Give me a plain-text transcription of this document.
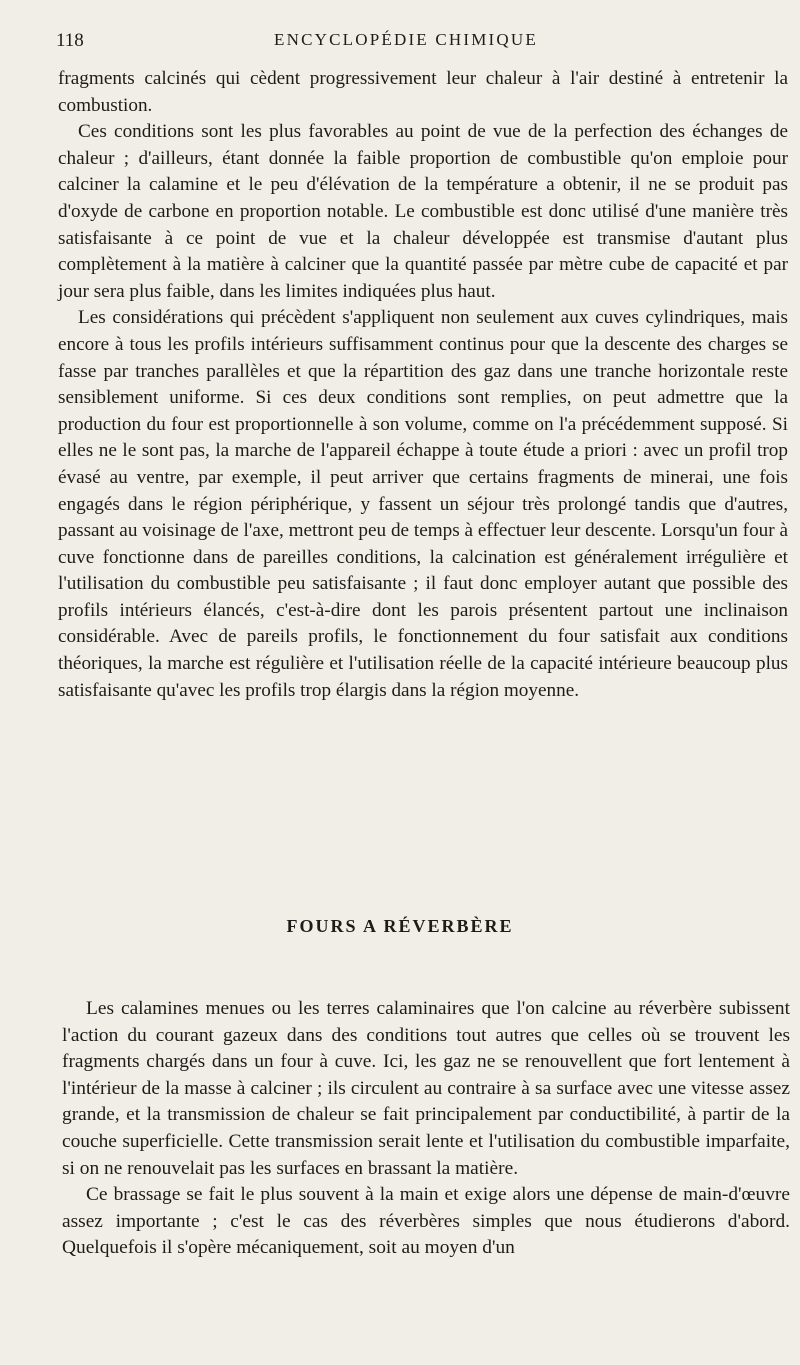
118	ENCYCLOPÉDIE CHIMIQUE

fragments calcinés qui cèdent progressivement leur chaleur à l'air destiné à entretenir la combustion.

Ces conditions sont les plus favorables au point de vue de la perfection des échanges de chaleur ; d'ailleurs, étant donnée la faible proportion de combustible qu'on emploie pour calciner la calamine et le peu d'élévation de la température a obtenir, il ne se produit pas d'oxyde de carbone en proportion notable. Le combustible est donc utilisé d'une manière très satisfaisante à ce point de vue et la chaleur développée est transmise d'autant plus complètement à la matière à calciner que la quantité passée par mètre cube de capacité et par jour sera plus faible, dans les limites indiquées plus haut.

Les considérations qui précèdent s'appliquent non seulement aux cuves cylindriques, mais encore à tous les profils intérieurs suffisamment continus pour que la descente des charges se fasse par tranches parallèles et que la répartition des gaz dans une tranche horizontale reste sensiblement uniforme. Si ces deux conditions sont remplies, on peut admettre que la production du four est proportionnelle à son volume, comme on l'a précédemment supposé. Si elles ne le sont pas, la marche de l'appareil échappe à toute étude a priori : avec un profil trop évasé au ventre, par exemple, il peut arriver que certains fragments de minerai, une fois engagés dans le région périphérique, y fassent un séjour très prolongé tandis que d'autres, passant au voisinage de l'axe, mettront peu de temps à effectuer leur descente. Lorsqu'un four à cuve fonctionne dans de pareilles conditions, la calcination est généralement irrégulière et l'utilisation du combustible peu satisfaisante ; il faut donc employer autant que possible des profils intérieurs élancés, c'est-à-dire dont les parois présentent partout une inclinaison considérable. Avec de pareils profils, le fonctionnement du four satisfait aux conditions théoriques, la marche est régulière et l'utilisation réelle de la capacité intérieure beaucoup plus satisfaisante qu'avec les profils trop élargis dans la région moyenne.

FOURS A RÉVERBÈRE

Les calamines menues ou les terres calaminaires que l'on calcine au réverbère subissent l'action du courant gazeux dans des conditions tout autres que celles où se trouvent les fragments chargés dans un four à cuve. Ici, les gaz ne se renouvellent que fort lentement à l'intérieur de la masse à calciner ; ils circulent au contraire à sa surface avec une vitesse assez grande, et la transmission de chaleur se fait principalement par conductibilité, à partir de la couche superficielle. Cette transmission serait lente et l'utilisation du combustible imparfaite, si on ne renouvelait pas les surfaces en brassant la matière.

Ce brassage se fait le plus souvent à la main et exige alors une dépense de main-d'œuvre assez importante ; c'est le cas des réverbères simples que nous étudierons d'abord. Quelquefois il s'opère mécaniquement, soit au moyen d'un
